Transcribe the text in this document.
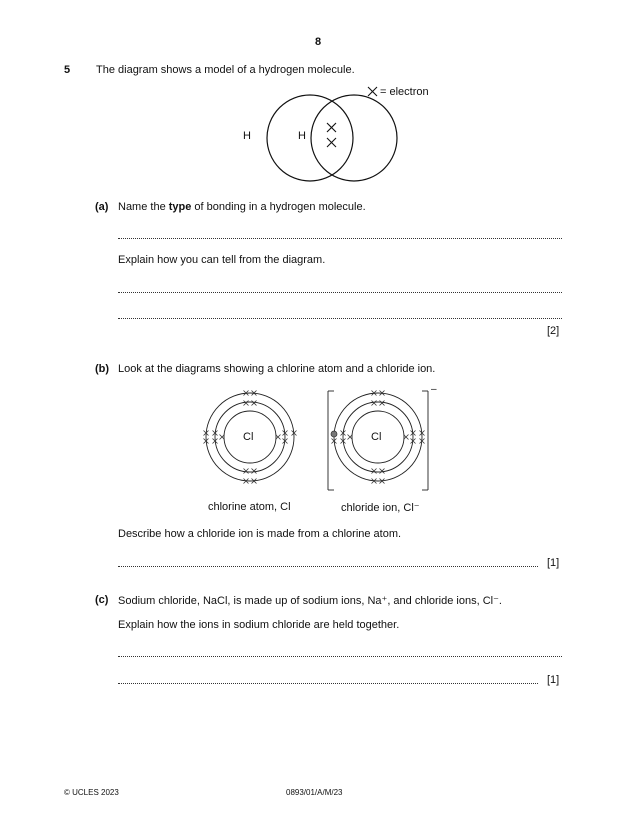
8
5 The diagram shows a model of a hydrogen molecule.
H	H
= electron
(a) Name the type of bonding in a hydrogen molecule.
Explain how you can tell from the diagram.
[2]
(b) Look at the diagrams showing a chlorine atom and a chloride ion.
Cl	Cl
–
chlorine atom, Cl	chloride ion, Cl⁻
Describe how a chloride ion is made from a chlorine atom.
[1]
(c) Sodium chloride, NaCl, is made up of sodium ions, Na⁺, and chloride ions, Cl⁻.
Explain how the ions in sodium chloride are held together.
[1]
© UCLES 2023	0893/01/A/M/23
